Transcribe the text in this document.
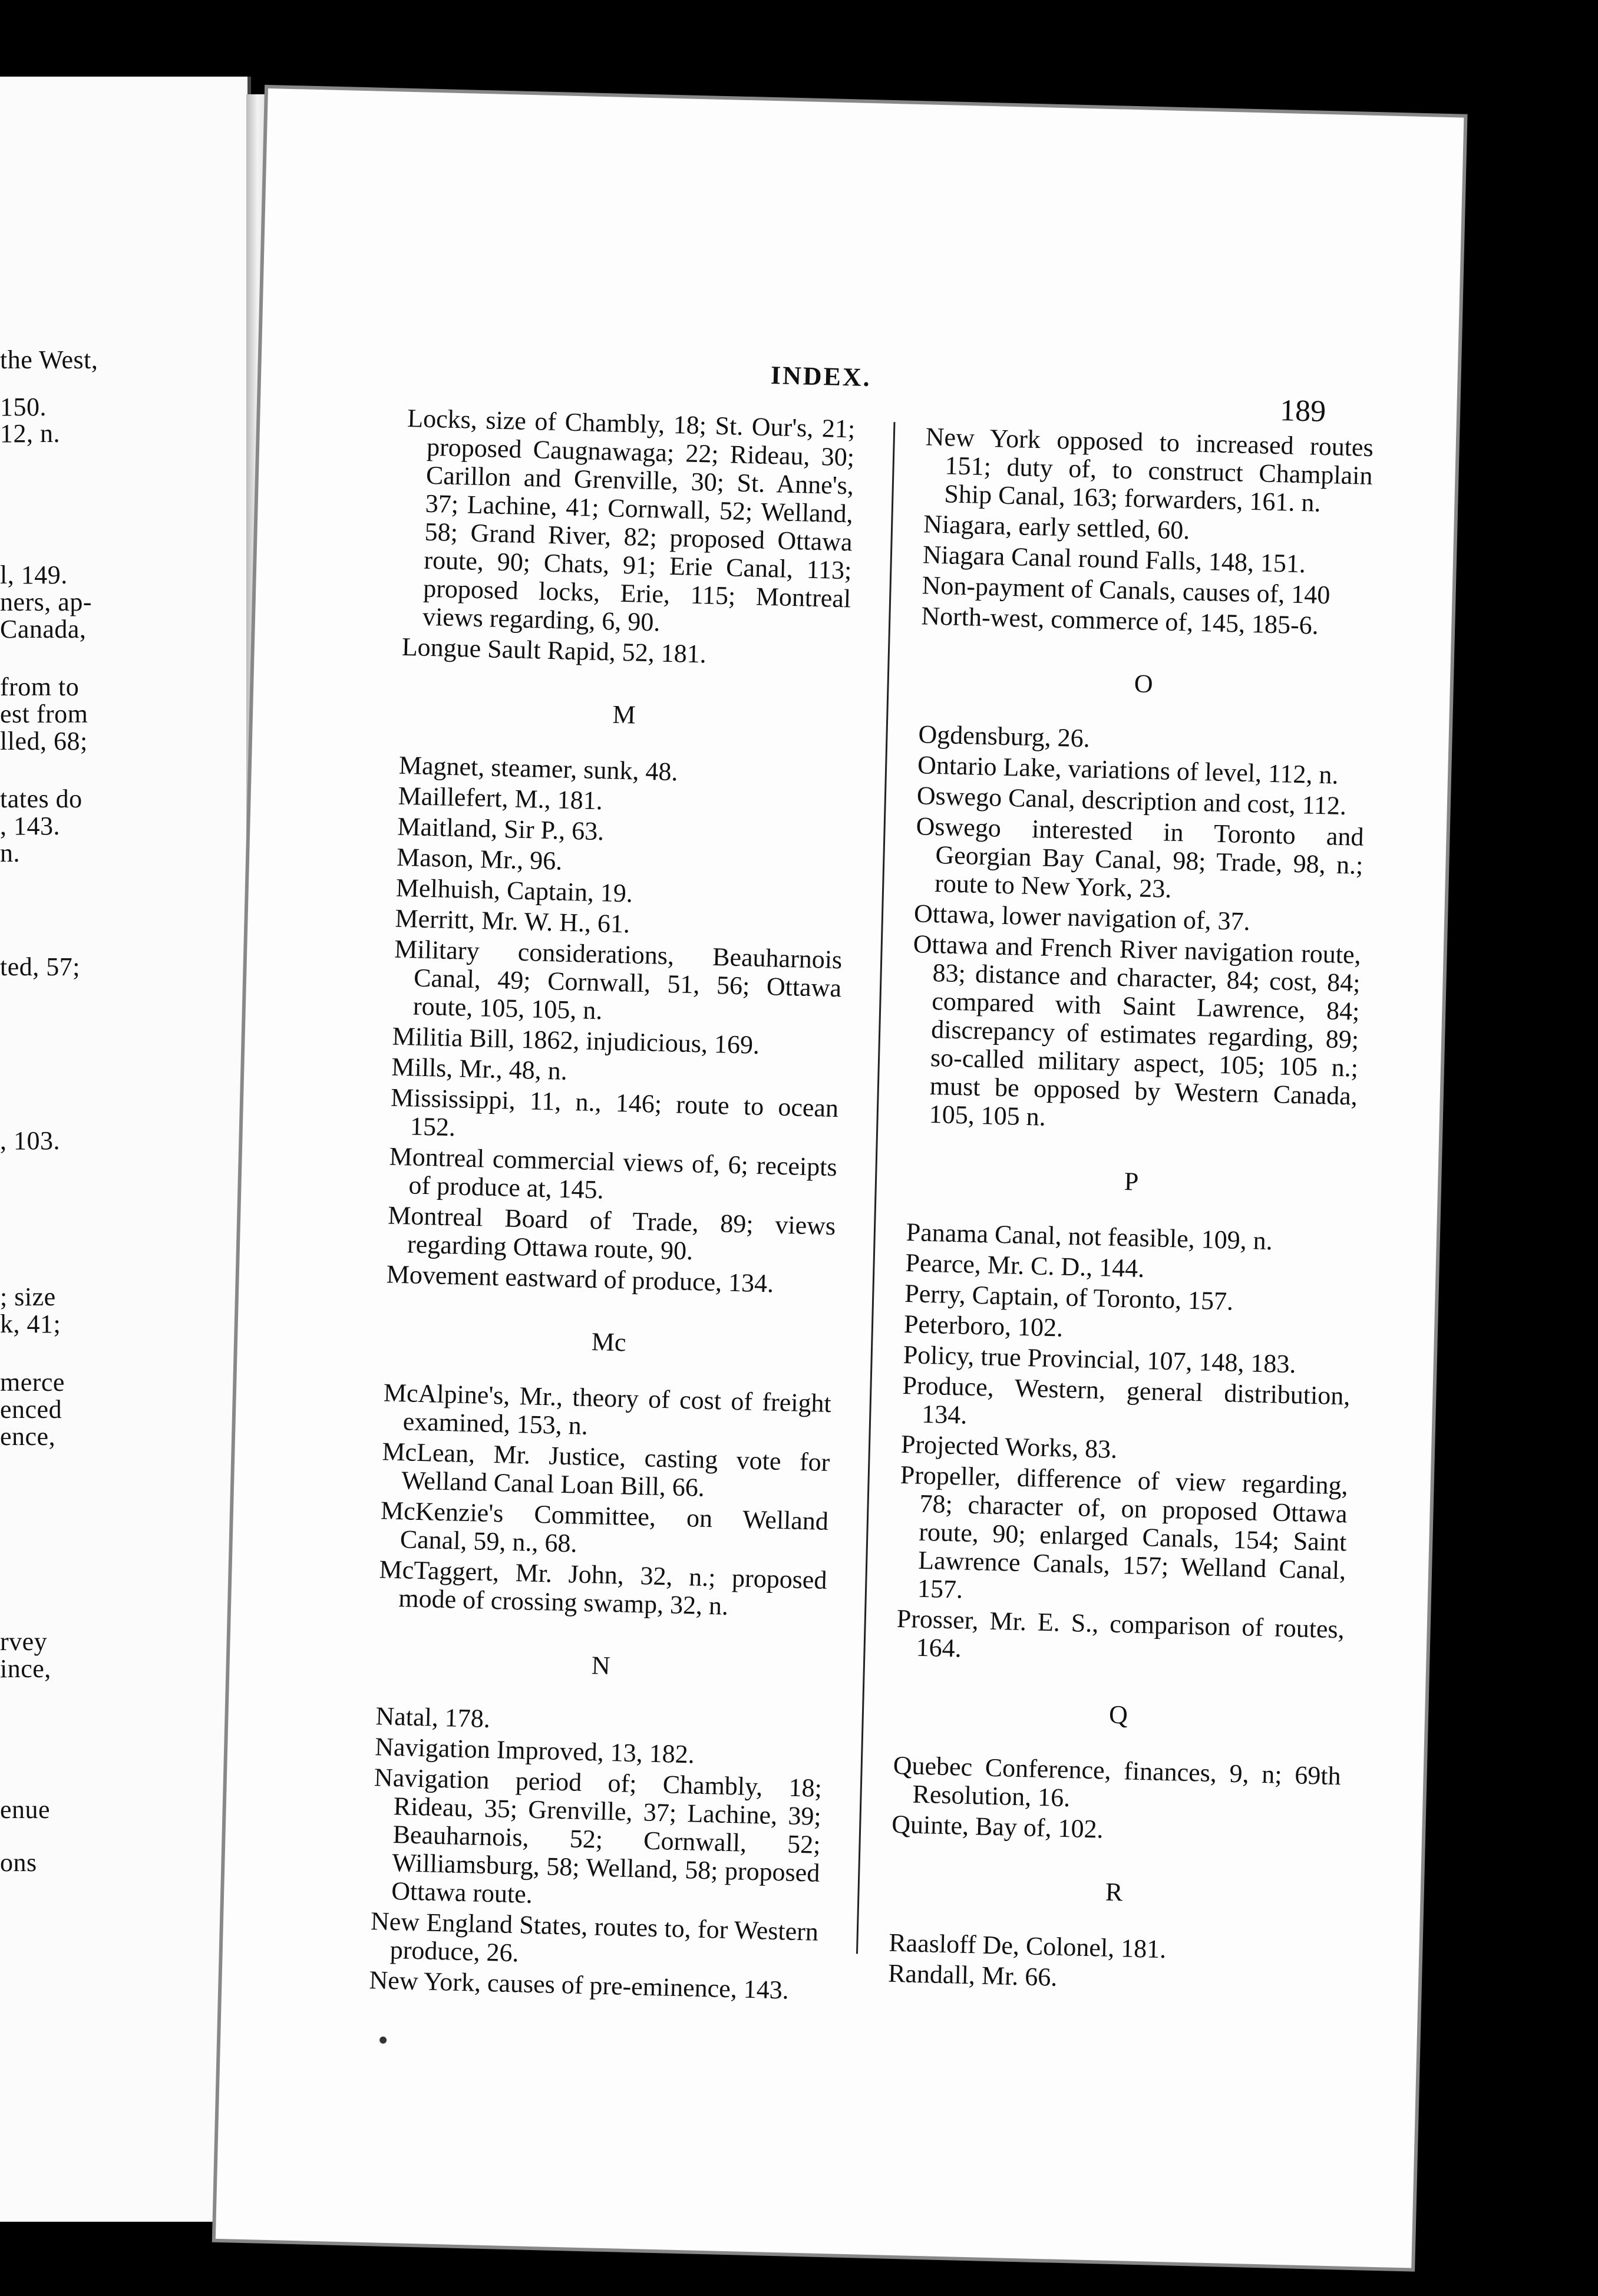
the West,
150.
12, n.
l, 149.
ners, ap-
Canada,
from to
est from
lled, 68;
tates do
, 143.
n.
ted, 57;
, 103.
; size
k, 41;
merce
enced
ence,
rvey
ince,
enue
ons
INDEX.
189

Locks, size of Chambly, 18; St. Our's, 21; proposed Caugnawaga; 22; Rideau, 30; Carillon and Grenville, 30; St. Anne's, 37; Lachine, 41; Cornwall, 52; Welland, 58; Grand River, 82; proposed Ottawa route, 90; Chats, 91; Erie Canal, 113; proposed locks, Erie, 115; Montreal views regarding, 6, 90.

Longue Sault Rapid, 52, 181.

M

Magnet, steamer, sunk, 48.

Maillefert, M., 181.

Maitland, Sir P., 63.

Mason, Mr., 96.

Melhuish, Captain, 19.

Merritt, Mr. W. H., 61.

Military considerations, Beauharnois Canal, 49; Cornwall, 51, 56; Ottawa route, 105, 105, n.

Militia Bill, 1862, injudicious, 169.

Mills, Mr., 48, n.

Mississippi, 11, n., 146; route to ocean 152.

Montreal commercial views of, 6; receipts of produce at, 145.

Montreal Board of Trade, 89; views regarding Ottawa route, 90.

Movement eastward of produce, 134.

Mc

McAlpine's, Mr., theory of cost of freight examined, 153, n.

McLean, Mr. Justice, casting vote for Welland Canal Loan Bill, 66.

McKenzie's Committee, on Welland Canal, 59, n., 68.

McTaggert, Mr. John, 32, n.; proposed mode of crossing swamp, 32, n.

N

Natal, 178.

Navigation Improved, 13, 182.

Navigation period of; Chambly, 18; Rideau, 35; Grenville, 37; Lachine, 39; Beauharnois, 52; Cornwall, 52; Williamsburg, 58; Welland, 58; proposed Ottawa route.

New England States, routes to, for Western produce, 26.

New York, causes of pre-eminence, 143.

New York opposed to increased routes 151; duty of, to construct Champlain Ship Canal, 163; forwarders, 161. n.

Niagara, early settled, 60.

Niagara Canal round Falls, 148, 151.

Non-payment of Canals, causes of, 140

North-west, commerce of, 145, 185-6.

O

Ogdensburg, 26.

Ontario Lake, variations of level, 112, n.

Oswego Canal, description and cost, 112.

Oswego interested in Toronto and Georgian Bay Canal, 98; Trade, 98, n.; route to New York, 23.

Ottawa, lower navigation of, 37.

Ottawa and French River navigation route, 83; distance and character, 84; cost, 84; compared with Saint Lawrence, 84; discrepancy of estimates regarding, 89; so-called military aspect, 105; 105 n.; must be opposed by Western Canada, 105, 105 n.

P

Panama Canal, not feasible, 109, n.

Pearce, Mr. C. D., 144.

Perry, Captain, of Toronto, 157.

Peterboro, 102.

Policy, true Provincial, 107, 148, 183.

Produce, Western, general distribution, 134.

Projected Works, 83.

Propeller, difference of view regarding, 78; character of, on proposed Ottawa route, 90; enlarged Canals, 154; Saint Lawrence Canals, 157; Welland Canal, 157.

Prosser, Mr. E. S., comparison of routes, 164.

Q

Quebec Conference, finances, 9, n; 69th Resolution, 16.

Quinte, Bay of, 102.

R

Raasloff De, Colonel, 181.

Randall, Mr. 66.
